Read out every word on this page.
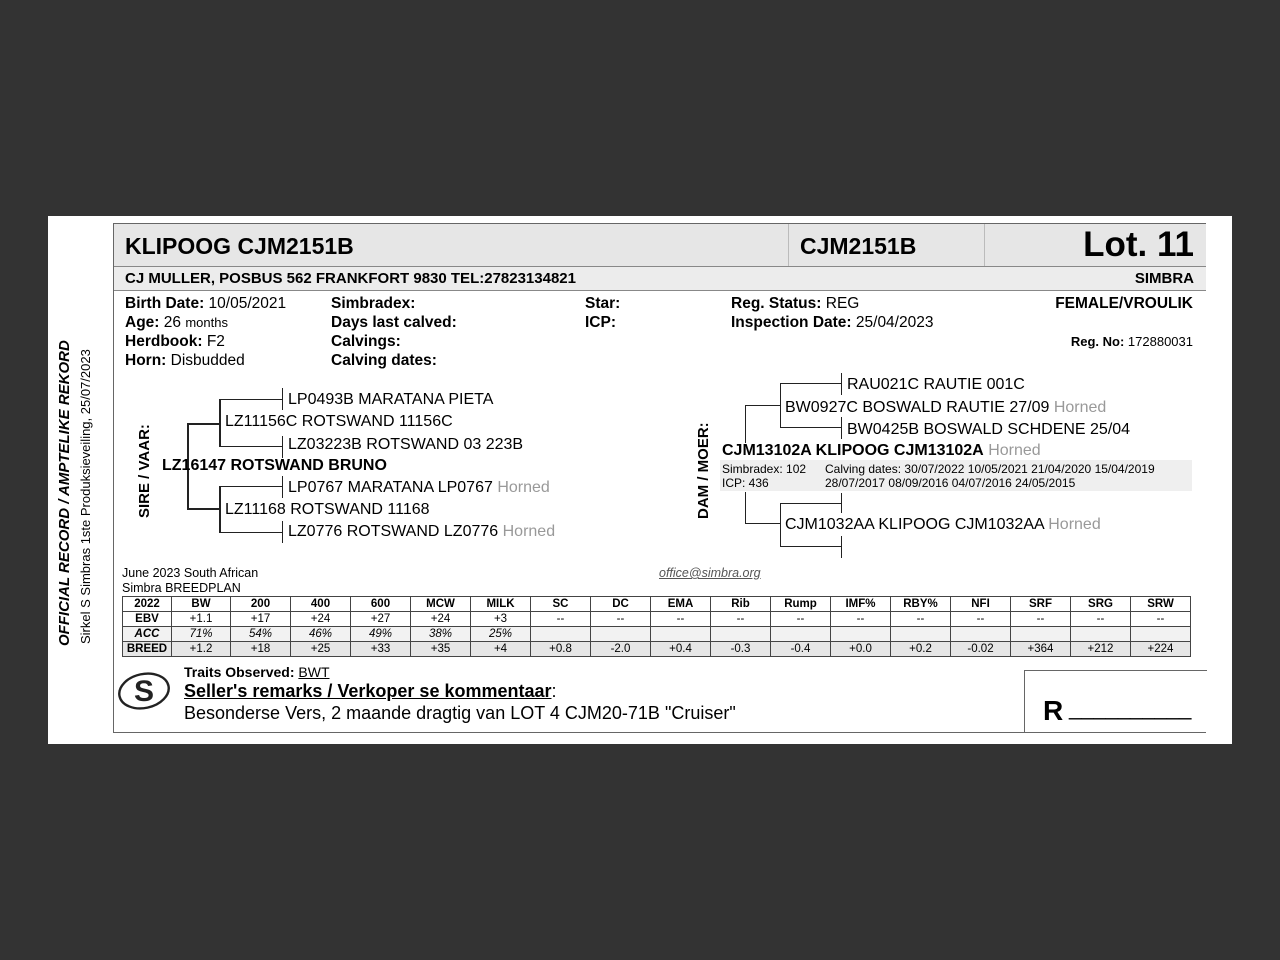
OFFICIAL RECORD / AMPTELIKE REKORD Sirkel S Simbras 1ste Produksieveiling, 25/07/2023
KLIPOOG CJM2151B	CJM2151B	Lot. 11
CJ MULLER, POSBUS 562 FRANKFORT 9830 TEL:27823134821	SIMBRA
Birth Date: 10/05/2021
Age: 26 months
Herdbook: F2
Horn: Disbudded
Simbradex:
Days last calved:
Calvings:
Calving dates:
Star:
ICP:
Reg. Status: REG
Inspection Date: 25/04/2023
FEMALE/VROULIK
Reg. No: 172880031
SIRE / VAAR:
LP0493B MARATANA PIETA
LZ11156C ROTSWAND 11156C
LZ03223B ROTSWAND 03 223B
LZ16147 ROTSWAND BRUNO
LP0767 MARATANA LP0767 Horned
LZ11168 ROTSWAND 11168
LZ0776 ROTSWAND LZ0776 Horned
DAM / MOER:
RAU021C RAUTIE 001C
BW0927C BOSWALD RAUTIE 27/09 Horned
BW0425B BOSWALD SCHDENE 25/04
CJM13102A KLIPOOG CJM13102A Horned
Simbradex: 102
ICP: 436
Calving dates: 30/07/2022 10/05/2021 21/04/2020 15/04/2019
28/07/2017 08/09/2016 04/07/2016 24/05/2015
CJM1032AA KLIPOOG CJM1032AA Horned
June 2023 South African
Simbra BREEDPLAN
office@simbra.org
2022	BW	200	400	600	MCW	MILK	SC	DC	EMA	Rib	Rump	IMF%	RBY%	NFI	SRF	SRG	SRW
EBV	+1.1	+17	+24	+27	+24	+3	--	--	--	--	--	--	--	--	--	--	--
ACC	71%	54%	46%	49%	38%	25%											
BREED	+1.2	+18	+25	+33	+35	+4	+0.8	-2.0	+0.4	-0.3	-0.4	+0.0	+0.2	-0.02	+364	+212	+224
S
Traits Observed: BWT
Seller's remarks / Verkoper se kommentaar:
Besonderse Vers, 2 maande dragtig van LOT 4 CJM20-71B "Cruiser"	R __________
